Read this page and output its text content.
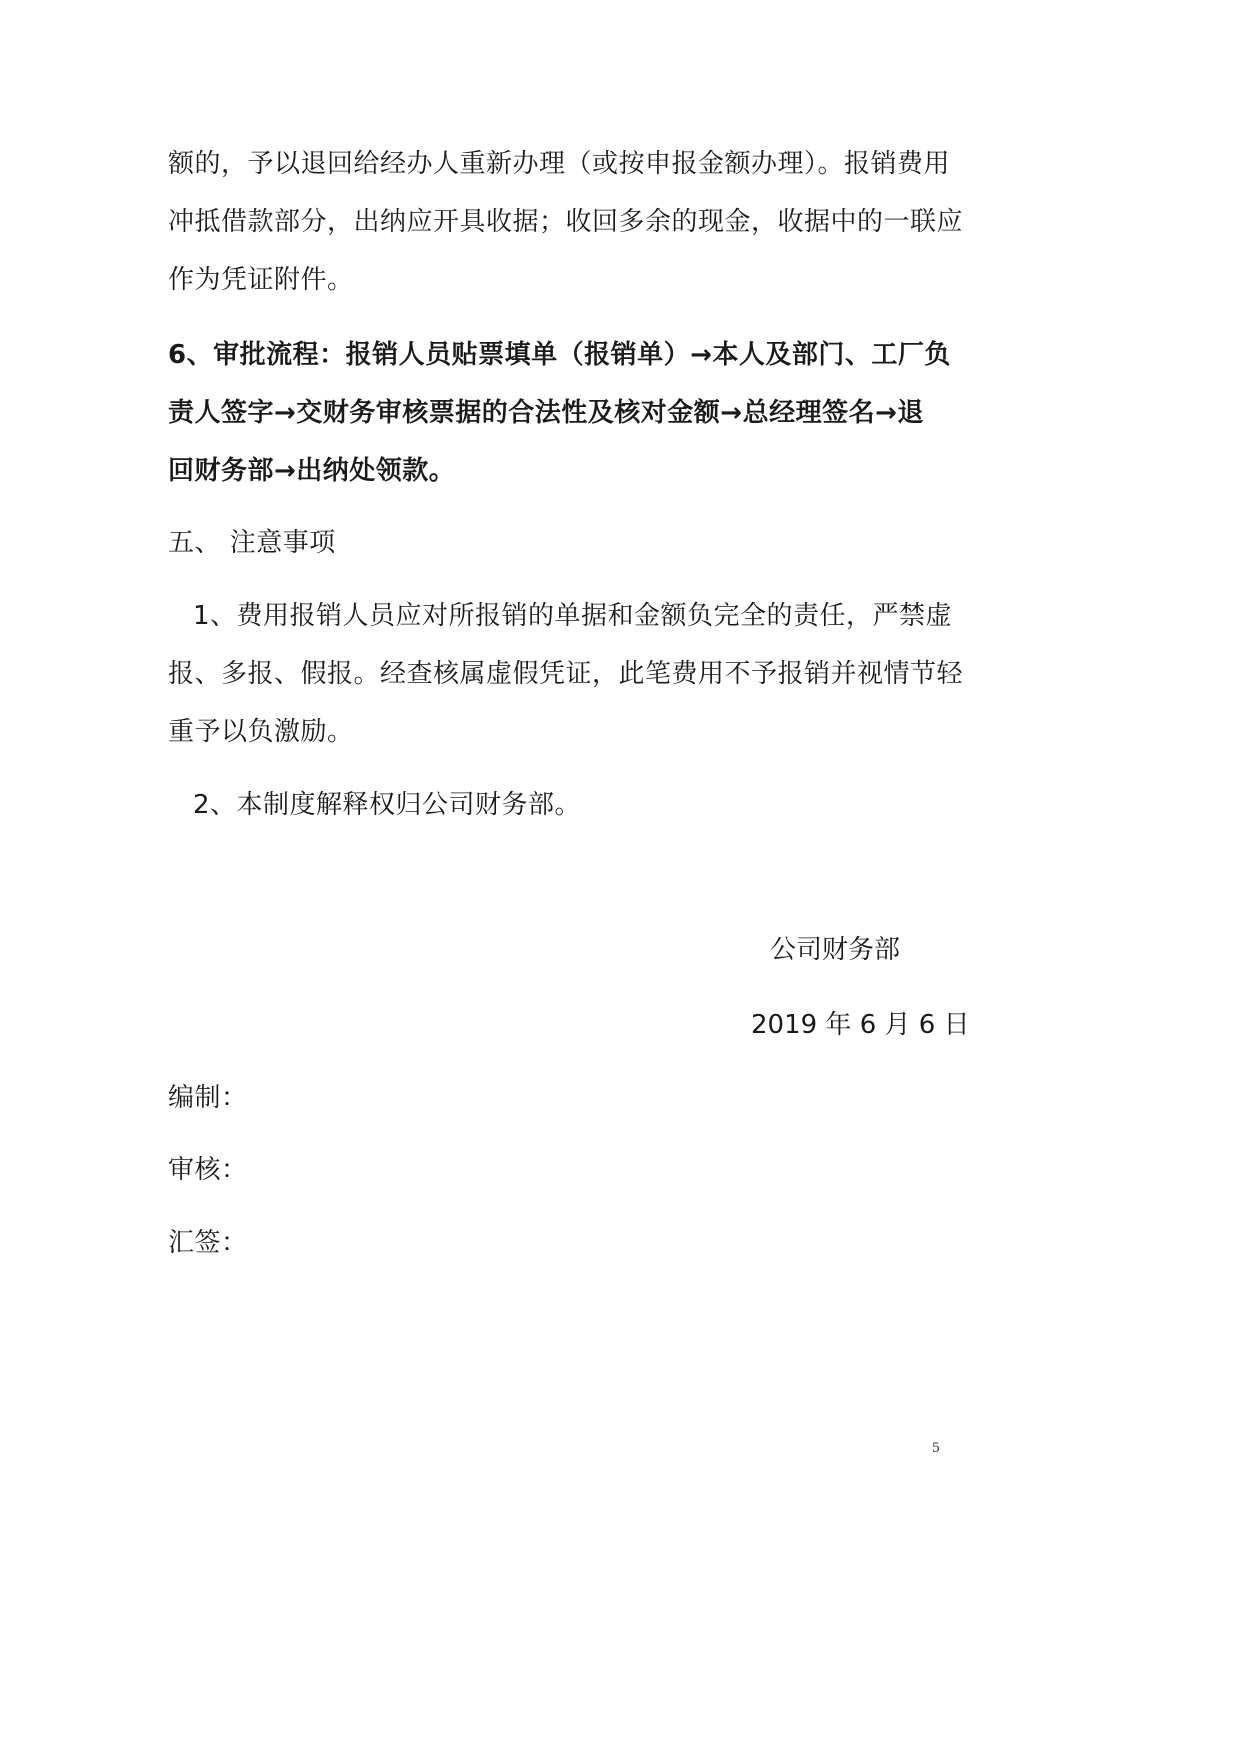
额的，予以退回给经办人重新办理（或按申报金额办理）。报销费用
冲抵借款部分，出纳应开具收据；收回多余的现金，收据中的一联应
作为凭证附件。
6、审批流程：报销人员贴票填单（报销单）→本人及部门、工厂负
责人签字→交财务审核票据的合法性及核对金额→总经理签名→退
回财务部→出纳处领款。
五、 注意事项
1、费用报销人员应对所报销的单据和金额负完全的责任，严禁虚
报、多报、假报。经查核属虚假凭证，此笔费用不予报销并视情节轻
重予以负激励。
2、本制度解释权归公司财务部。
公司财务部
2019 年 6 月 6 日
编制：
审核：
汇签：
5
